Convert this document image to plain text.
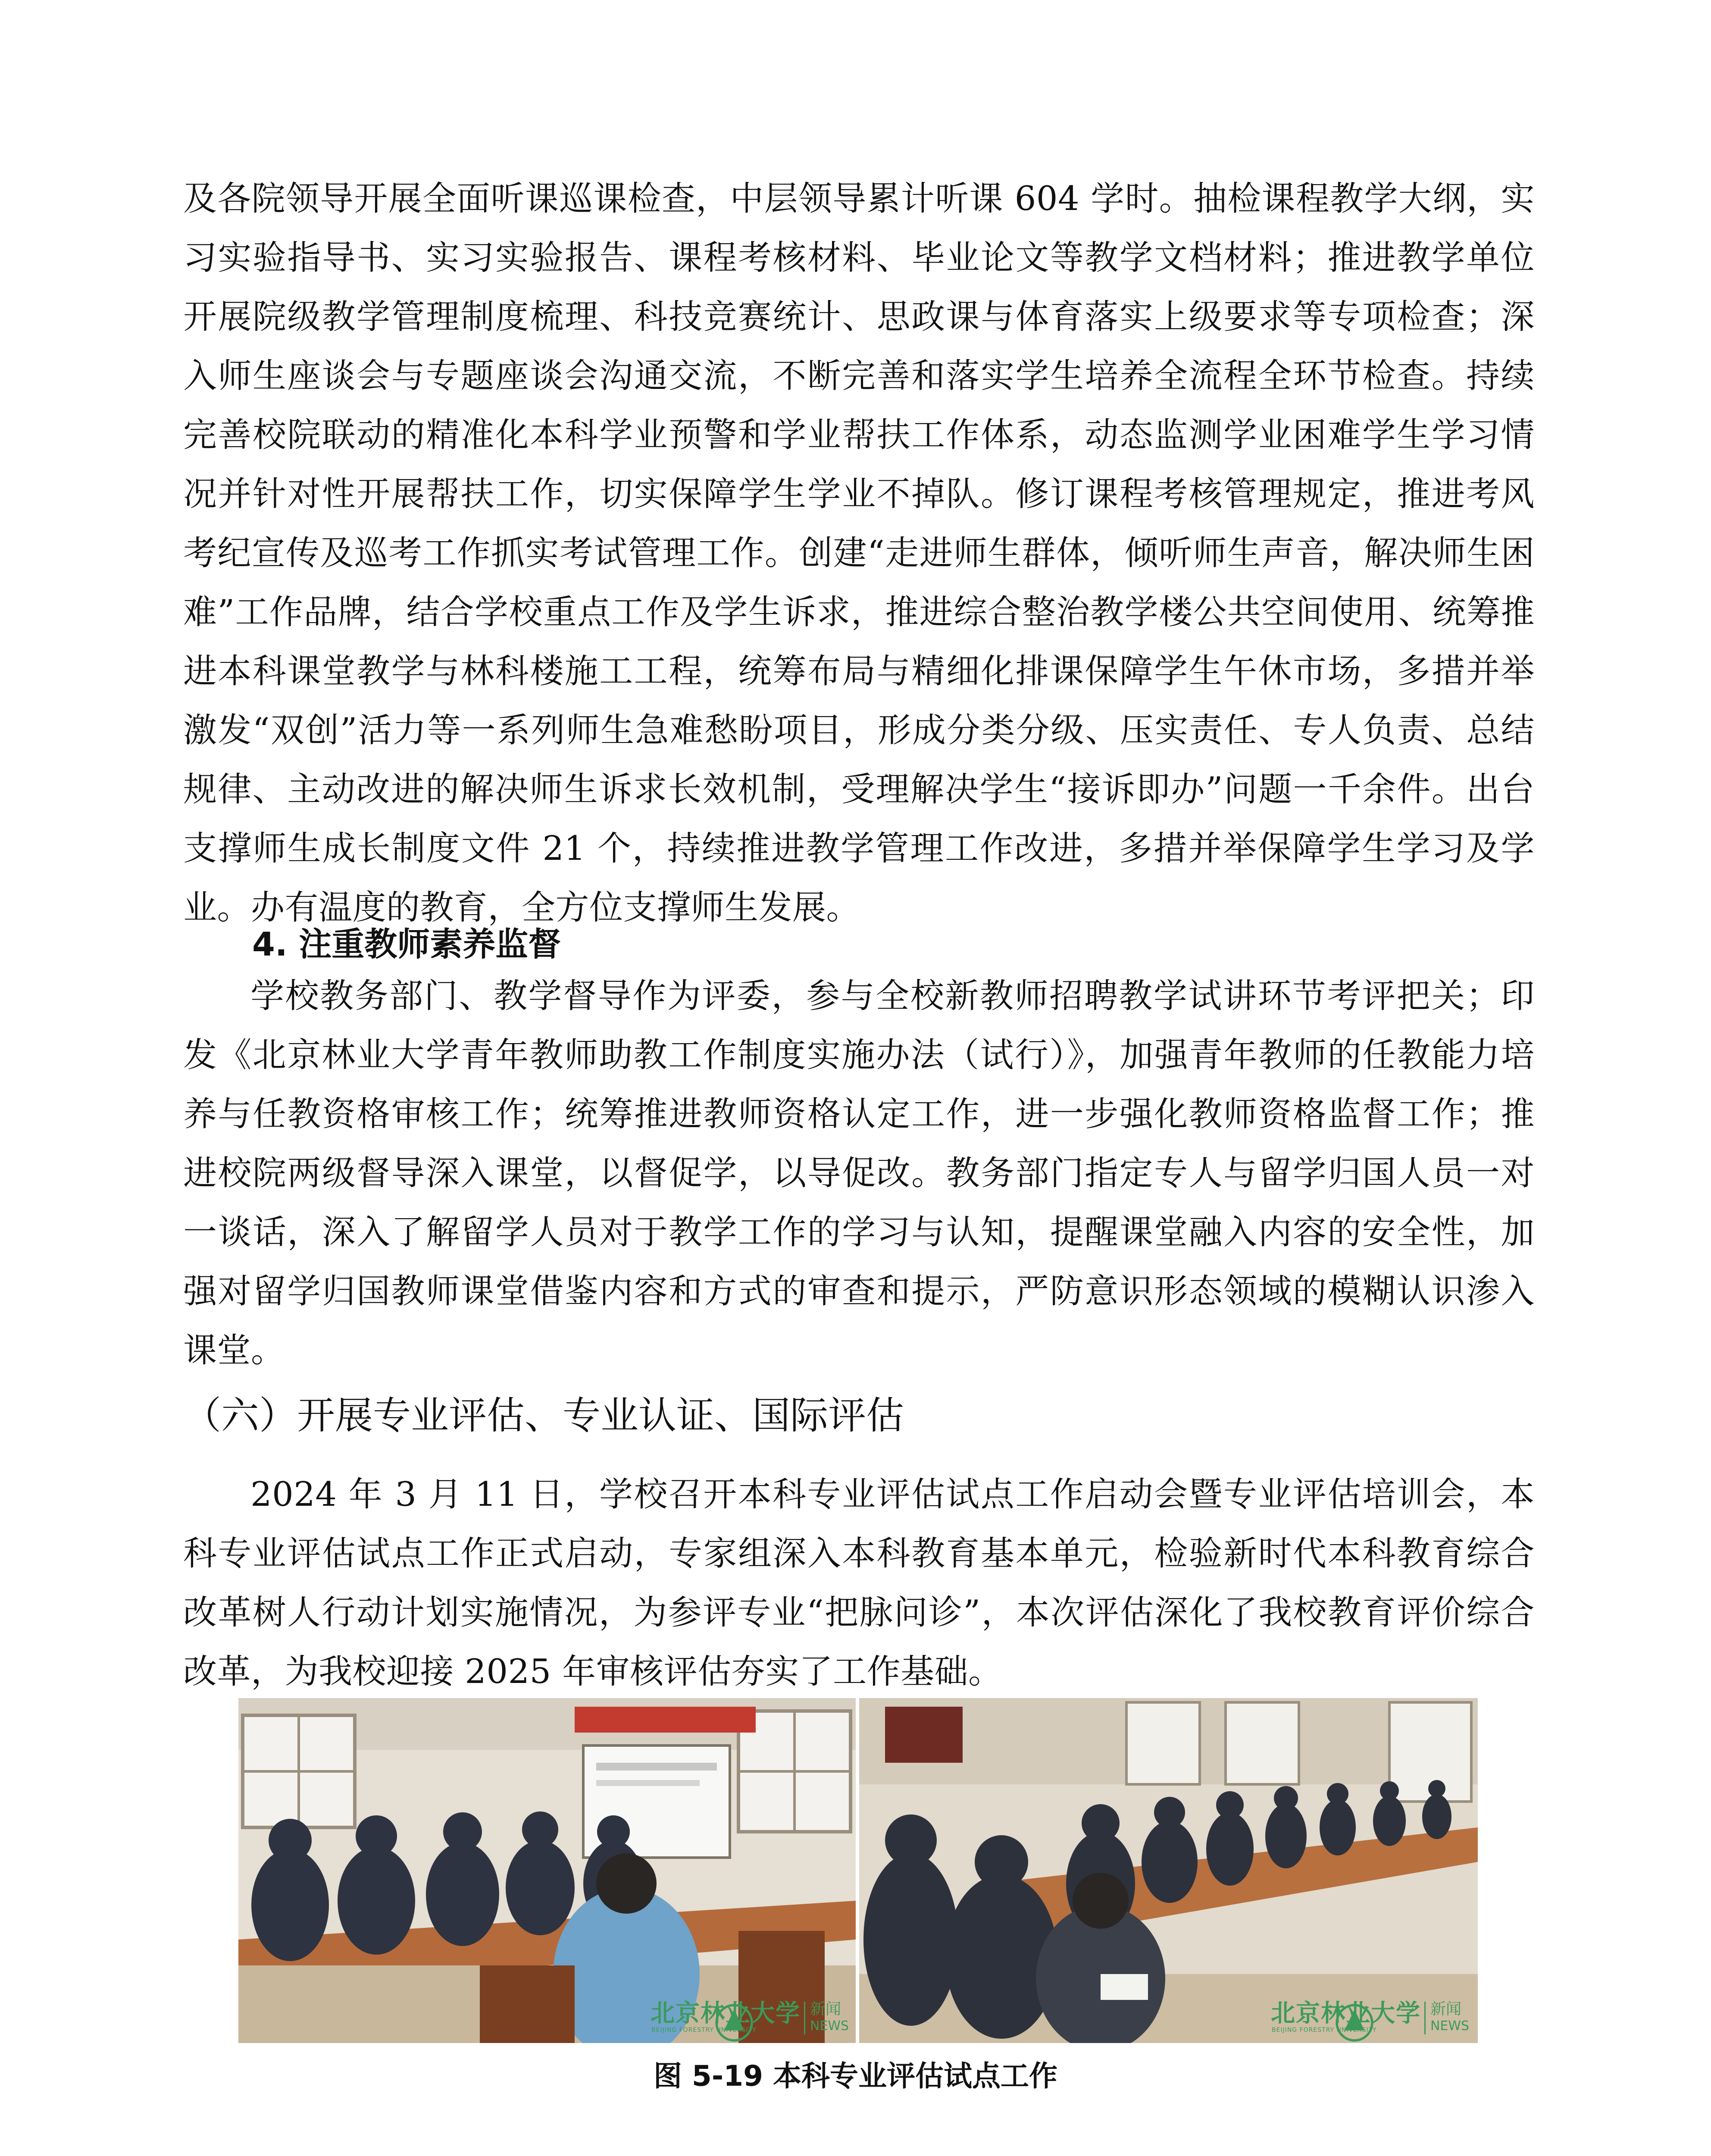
及各院领导开展全面听课巡课检查，中层领导累计听课 604 学时。抽检课程教学大纲，实习实验指导书、实习实验报告、课程考核材料、毕业论文等教学文档材料；推进教学单位开展院级教学管理制度梳理、科技竞赛统计、思政课与体育落实上级要求等专项检查；深入师生座谈会与专题座谈会沟通交流，不断完善和落实学生培养全流程全环节检查。持续完善校院联动的精准化本科学业预警和学业帮扶工作体系，动态监测学业困难学生学习情况并针对性开展帮扶工作，切实保障学生学业不掉队。修订课程考核管理规定，推进考风考纪宣传及巡考工作抓实考试管理工作。创建“走进师生群体，倾听师生声音，解决师生困难”工作品牌，结合学校重点工作及学生诉求，推进综合整治教学楼公共空间使用、统筹推进本科课堂教学与林科楼施工工程，统筹布局与精细化排课保障学生午休市场，多措并举激发“双创”活力等一系列师生急难愁盼项目，形成分类分级、压实责任、专人负责、总结规律、主动改进的解决师生诉求长效机制，受理解决学生“接诉即办”问题一千余件。出台支撑师生成长制度文件 21 个，持续推进教学管理工作改进，多措并举保障学生学习及学业。办有温度的教育，全方位支撑师生发展。

4. 注重教师素养监督

学校教务部门、教学督导作为评委，参与全校新教师招聘教学试讲环节考评把关；印发《北京林业大学青年教师助教工作制度实施办法（试行）》，加强青年教师的任教能力培养与任教资格审核工作；统筹推进教师资格认定工作，进一步强化教师资格监督工作；推进校院两级督导深入课堂，以督促学，以导促改。教务部门指定专人与留学归国人员一对一谈话，深入了解留学人员对于教学工作的学习与认知，提醒课堂融入内容的安全性，加强对留学归国教师课堂借鉴内容和方式的审查和提示，严防意识形态领域的模糊认识渗入课堂。

（六）开展专业评估、专业认证、国际评估

2024 年 3 月 11 日，学校召开本科专业评估试点工作启动会暨专业评估培训会，本科专业评估试点工作正式启动，专家组深入本科教育基本单元，检验新时代本科教育综合改革树人行动计划实施情况，为参评专业“把脉问诊”，本次评估深化了我校教育评价综合改革，为我校迎接 2025 年审核评估夯实了工作基础。

北京林业大学
BEIJING FORESTRY UNIVERSITY
新闻
NEWS	北京林业大学
BEIJING FORESTRY UNIVERSITY
新闻
NEWS

图 5-19 本科专业评估试点工作
